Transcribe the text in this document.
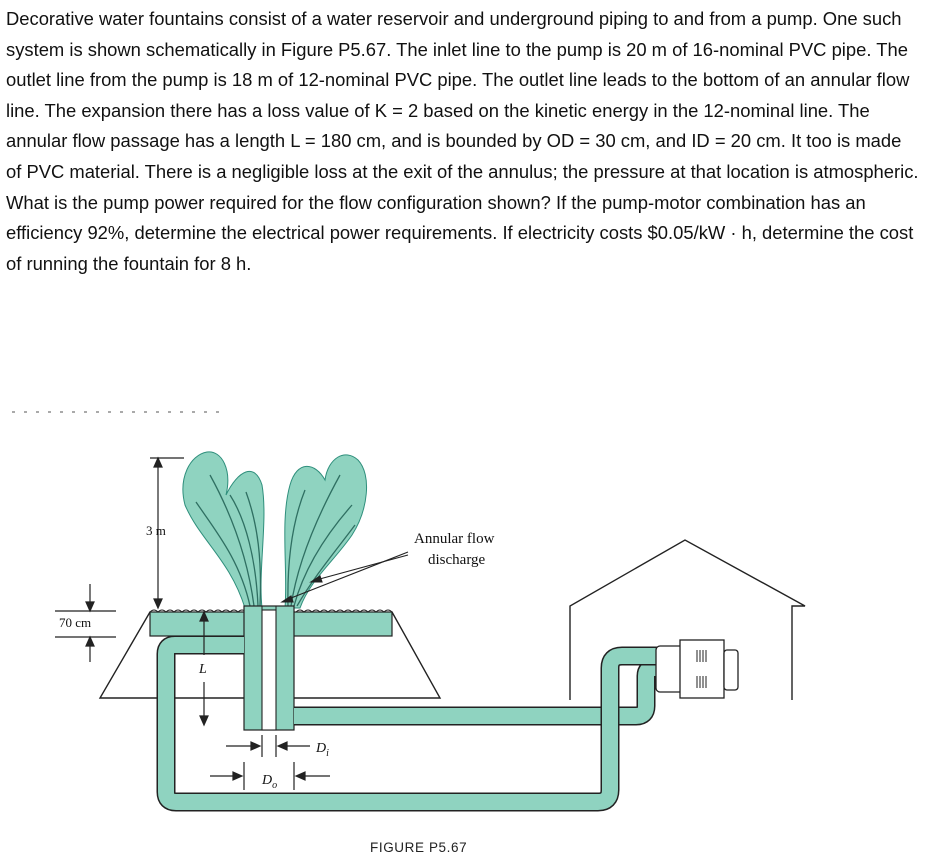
Decorative water fountains consist of a water reservoir and underground piping to and from a pump. One such system is shown schematically in Figure P5.67. The inlet line to the pump is 20 m of 16-nominal PVC pipe. The outlet line from the pump is 18 m of 12-nominal PVC pipe. The outlet line leads to the bottom of an annular flow line. The expansion there has a loss value of K = 2 based on the kinetic energy in the 12-nominal line. The annular flow passage has a length L = 180 cm, and is bounded by OD = 30 cm, and ID = 20 cm. It too is made of PVC material. There is a negligible loss at the exit of the annulus; the pressure at that location is atmospheric. What is the pump power required for the flow configuration shown? If the pump-motor combination has an efficiency 92%, determine the electrical power requirements. If electricity costs $0.05/kW · h, determine the cost of running the fountain for 8 h.

3 m
70 cm
L
$D_i$
$D_o$
Annular flow
discharge
FIGURE P5.67
